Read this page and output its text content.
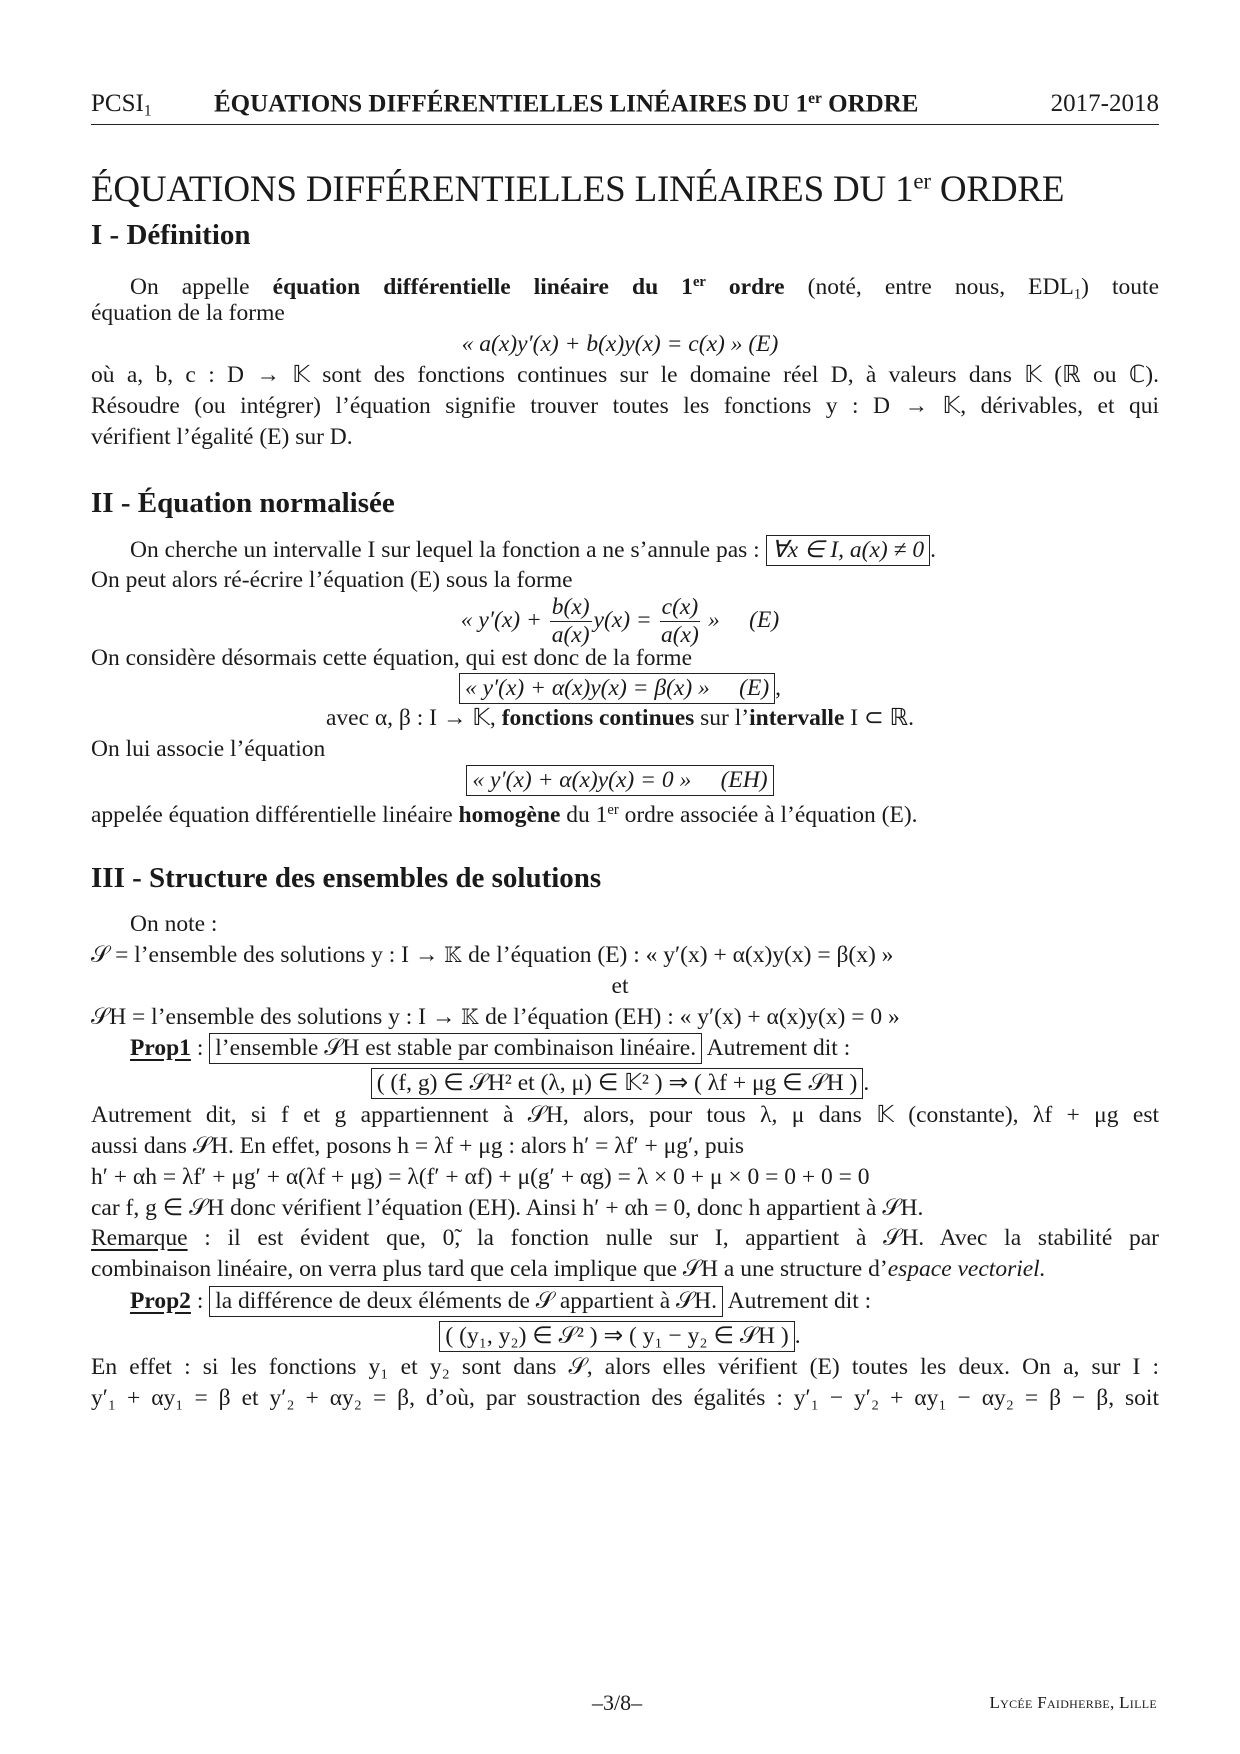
$PCSI_1$ ÉQUATIONS DIFFÉRENTIELLES LINÉAIRES DU 1er ORDRE	2017-2018
ÉQUATIONS DIFFÉRENTIELLES LINÉAIRES DU 1er ORDRE
I - Définition
On appelle équation différentielle linéaire du 1er ordre (noté, entre nous, $EDL_1$) toute
équation de la forme
« a(x)y′(x) + b(x)y(x) = c(x) » (E)
où a, b, c : D → 𝕂 sont des fonctions continues sur le domaine réel D, à valeurs dans 𝕂 (ℝ ou ℂ).
Résoudre (ou intégrer) l’équation signifie trouver toutes les fonctions y : D → 𝕂, dérivables, et qui
vérifient l’égalité (E) sur D.
II - Équation normalisée
On cherche un intervalle I sur lequel la fonction a ne s’annule pas : ∀x ∈ I, a(x) ≠ 0 .
On peut alors ré-écrire l’équation (E) sous la forme
« $y'(x) + \frac{b(x)}{a(x)} y(x) = \frac{c(x)}{a(x)}$ »     (E)
On considère désormais cette équation, qui est donc de la forme
« y′(x) + α(x)y(x) = β(x) »     (E) ,
avec α, β : I → 𝕂, fonctions continues sur l’intervalle I ⊂ ℝ.
On lui associe l’équation
« y′(x) + α(x)y(x) = 0 »     (EH)
appelée équation différentielle linéaire homogène du 1er ordre associée à l’équation (E).
III - Structure des ensembles de solutions
On note :
𝒮 = l’ensemble des solutions y : I → 𝕂 de l’équation (E) : « y′(x) + α(x)y(x) = β(x) »
et
𝒮H = l’ensemble des solutions y : I → 𝕂 de l’équation (EH) : « y′(x) + α(x)y(x) = 0 »
Prop1 : l’ensemble 𝒮H est stable par combinaison linéaire. Autrement dit :
( (f, g) ∈ 𝒮H² et (λ, μ) ∈ 𝕂² ) ⇒ ( λf + μg ∈ 𝒮H ) .
Autrement dit, si f et g appartiennent à 𝒮H, alors, pour tous λ, μ dans 𝕂 (constante), λf + μg est
aussi dans 𝒮H. En effet, posons h = λf + μg : alors h′ = λf′ + μg′, puis
h′ + αh = λf′ + μg′ + α(λf + μg) = λ(f′ + αf) + μ(g′ + αg) = λ × 0 + μ × 0 = 0 + 0 = 0
car f, g ∈ 𝒮H donc vérifient l’équation (EH). Ainsi h′ + αh = 0, donc h appartient à 𝒮H.
Remarque : il est évident que, 0̃, la fonction nulle sur I, appartient à 𝒮H. Avec la stabilité par
combinaison linéaire, on verra plus tard que cela implique que 𝒮H a une structure d’espace vectoriel.
Prop2 : la différence de deux éléments de 𝒮 appartient à 𝒮H. Autrement dit :
( (y₁, y₂) ∈ 𝒮² ) ⇒ ( y₁ − y₂ ∈ 𝒮H ) .
En effet : si les fonctions y₁ et y₂ sont dans 𝒮, alors elles vérifient (E) toutes les deux. On a, sur I :
y′₁ + αy₁ = β et y′₂ + αy₂ = β, d’où, par soustraction des égalités : y′₁ − y′₂ + αy₁ − αy₂ = β − β, soit
–3/8–	Lycée Faidherbe, Lille
